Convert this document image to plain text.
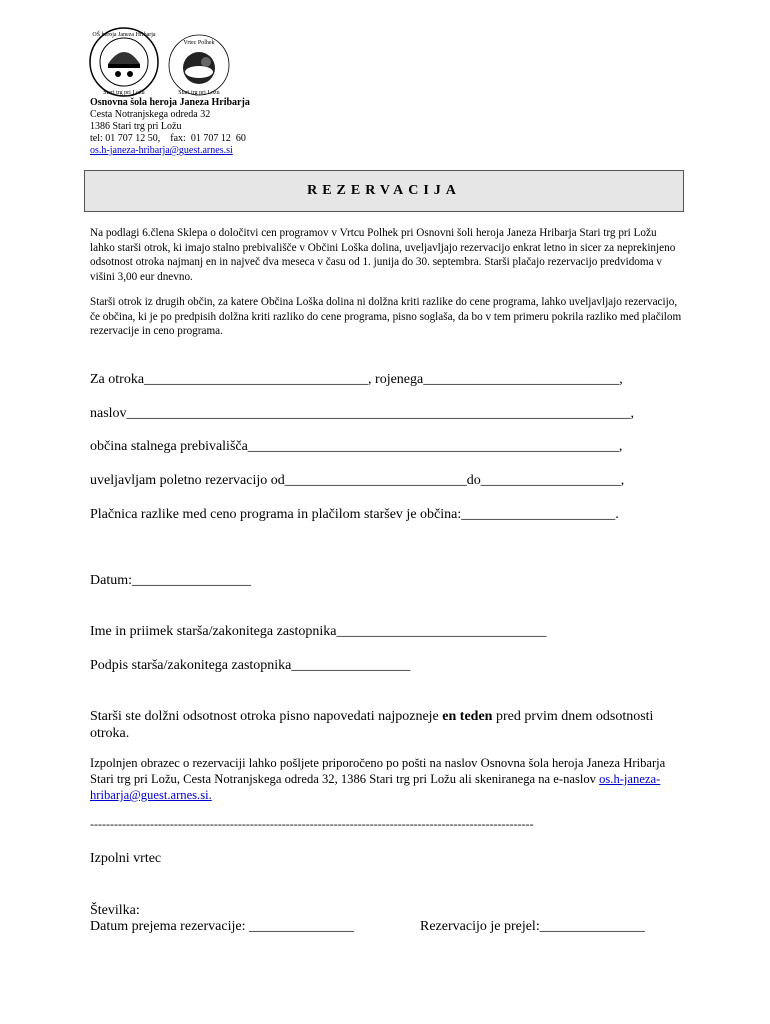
OŠ heroja Janeza Hribarja
Stari trg pri Ložu
Vrtec Polhek
Stari trg pri Ložu
Osnovna šola heroja Janeza Hribarja
Cesta Notranjskega odreda 32
1386 Stari trg pri Ložu
tel: 01 707 12 50,    fax:  01 707 12  60
os.h-janeza-hribarja@guest.arnes.si
REZERVACIJA
Na podlagi 6.člena Sklepa o določitvi cen programov v Vrtcu Polhek pri Osnovni šoli heroja Janeza Hribarja Stari trg pri Ložu lahko starši otrok, ki imajo stalno prebivališče v Občini Loška dolina, uveljavljajo rezervacijo enkrat letno in sicer za neprekinjeno odsotnost otroka najmanj en in največ dva meseca v času od 1. junija do 30. septembra. Starši plačajo rezervacijo predvidoma v višini 3,00 eur dnevno.
Starši otrok iz drugih občin, za katere Občina Loška dolina ni dolžna kriti razlike do cene programa, lahko uveljavljajo rezervacijo, če občina, ki je po predpisih dolžna kriti razliko do cene programa, pisno soglaša, da bo v tem primeru pokrila razliko med plačilom rezervacije in ceno programa.
Za otroka________________________________, rojenega____________________________,
naslov________________________________________________________________________,
občina stalnega prebivališča_____________________________________________________,
uveljavljam poletno rezervacijo od__________________________do____________________,
Plačnica razlike med ceno programa in plačilom staršev je občina:______________________.
Datum:_________________
Ime in priimek starša/zakonitega zastopnika______________________________
Podpis starša/zakonitega zastopnika_________________
Starši ste dolžni odsotnost otroka pisno napovedati najpozneje en teden pred prvim dnem odsotnosti otroka.
Izpolnjen obrazec o rezervaciji lahko pošljete priporočeno po pošti na naslov Osnovna šola heroja Janeza Hribarja Stari trg pri Ložu, Cesta Notranjskega odreda 32, 1386 Stari trg pri Ložu ali skeniranega na e-naslov os.h-janeza-hribarja@guest.arnes.si.
---------------------------------------------------------------------------------------------------------------
Izpolni vrtec
Številka:
Datum prejema rezervacije: _______________	Rezervacijo je prejel:_______________
